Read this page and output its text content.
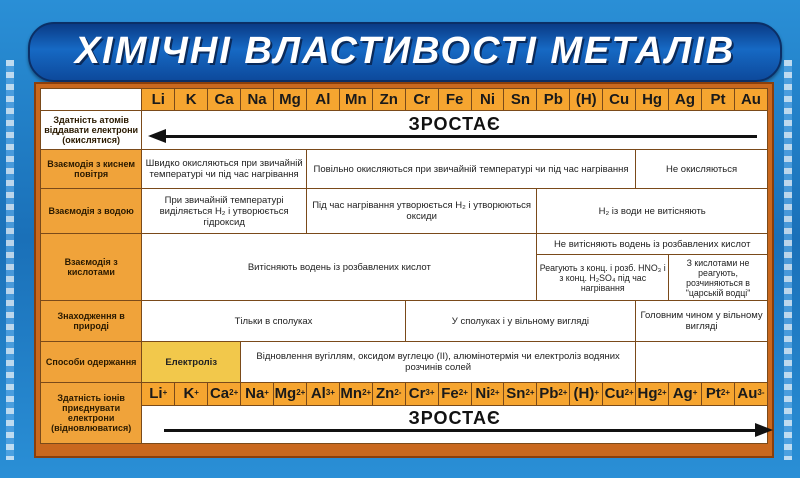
ХІМІЧНІ ВЛАСТИВОСТІ МЕТАЛІВ
	Li	K	Ca	Na	Mg	Al	Mn	Zn	Cr	Fe	Ni	Sn	Pb	(H)	Cu	Hg	Ag	Pt	Au
Здатність атомів віддавати електрони (окислятися)	ЗРОСТАЄ																		

Взаємодія з киснем повітря	Швидко окисляються при звичайній температурі чи під час нагрівання					Повільно окисляються при звичайній температурі чи під час нагрівання										Не окисляються			
Взаємодія з водою	При звичайній температурі виділяється H₂ і утворюється гідроксид					Під час нагрівання утворюється H₂ і утворюються оксиди							H₂ із води не витісняють						
Взаємодія з кислотами	Витісняють водень із розбавлених кислот												Не витісняють водень із розбавлених кислот						
													Реагують з конц. і розб. HNO₃ і з конц. H₂SO₄ під час нагрівання				З кислотами не реагують, розчиняються в "царській водці"		
Знаходження в природі	Тільки в сполуках								У сполуках і у вільному вигляді							Головним чином у вільному вигляді			
Способи одержання	Електроліз			Відновлення вугіллям, оксидом вуглецю (II), алюмінотермія чи електроліз водяних розчинів солей															
Здатність іонів приєднувати електрони (відновлюватися)	Li+	K+	$Ca^{2+}$	Na+	$Mg^{2+}$	$Al^{3+}$	$Mn^{2+}$	$Zn^{2-}$	$Cr^{3+}$	$Fe^{2+}$	$Ni^{2+}$	$Sn^{2+}$	$Pb^{2+}$	(H)+	$Cu^{2+}$	$Hg^{2+}$	Ag+	$Pt^{2+}$	$Au^{3-}$

	ЗРОСТАЄ																		
